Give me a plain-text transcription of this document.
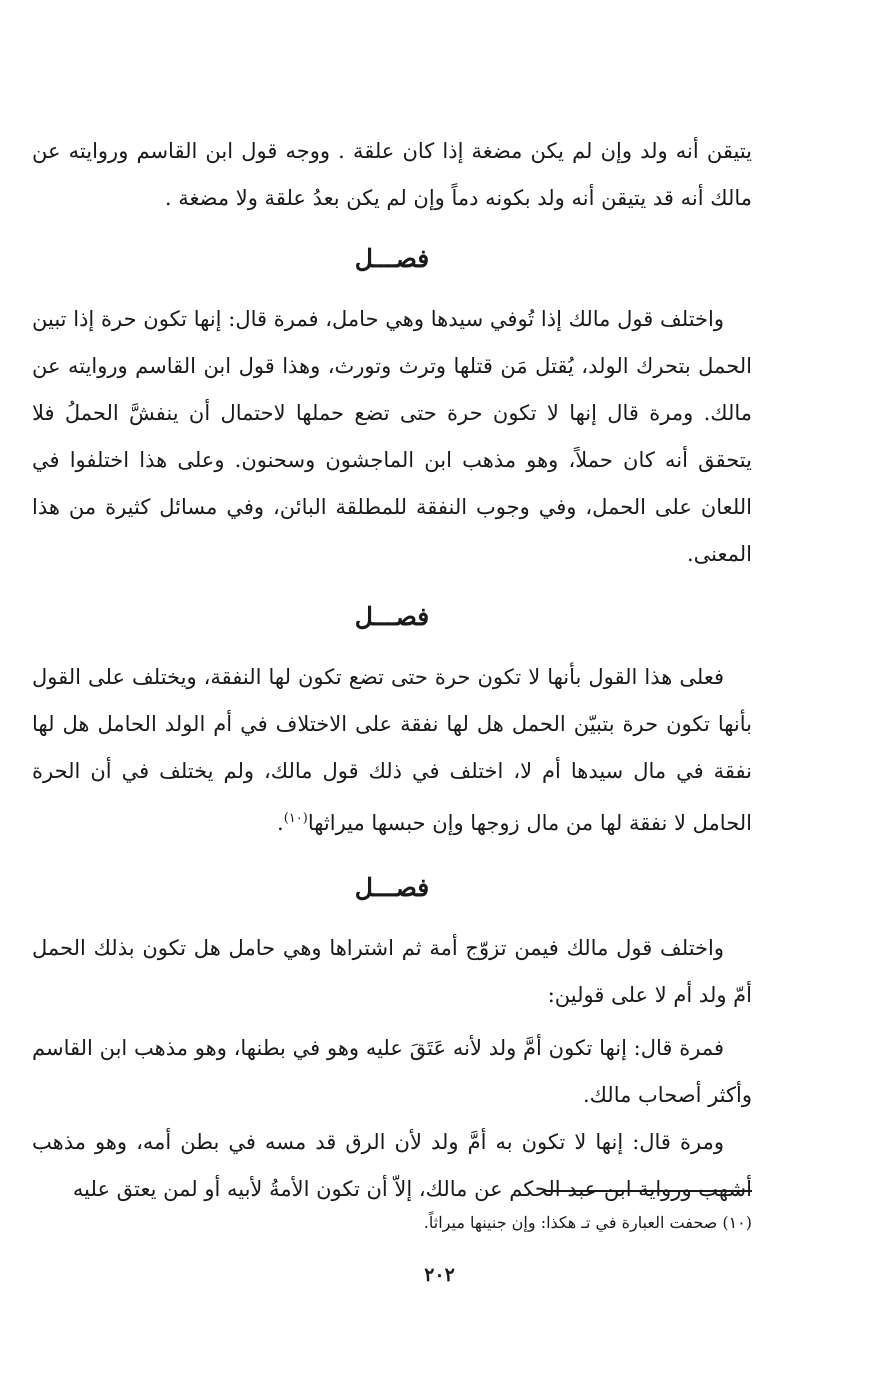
يتيقن أنه ولد وإن لم يكن مضغة إذا كان علقة . ووجه قول ابن القاسم وروايته عن مالك أنه قد يتيقن أنه ولد بكونه دماً وإن لم يكن بعدُ علقة ولا مضغة .

فصـــل

واختلف قول مالك إذا تُوفي سيدها وهي حامل، فمرة قال: إنها تكون حرة إذا تبين الحمل بتحرك الولد، يُقتل مَن قتلها وترث وتورث، وهذا قول ابن القاسم وروايته عن مالك. ومرة قال إنها لا تكون حرة حتى تضع حملها لاحتمال أن ينفشَّ الحملُ فلا يتحقق أنه كان حملاً، وهو مذهب ابن الماجشون وسحنون. وعلى هذا اختلفوا في اللعان على الحمل، وفي وجوب النفقة للمطلقة البائن، وفي مسائل كثيرة من هذا المعنى.

فصـــل

فعلى هذا القول بأنها لا تكون حرة حتى تضع تكون لها النفقة، ويختلف على القول بأنها تكون حرة بتبيّن الحمل هل لها نفقة على الاختلاف في أم الولد الحامل هل لها نفقة في مال سيدها أم لا، اختلف في ذلك قول مالك، ولم يختلف في أن الحرة الحامل لا نفقة لها من مال زوجها وإن حبسها ميراثها$^{(١٠)}$.

فصـــل

واختلف قول مالك فيمن تزوّج أمة ثم اشتراها وهي حامل هل تكون بذلك الحمل أمّ ولد أم لا على قولين:

فمرة قال: إنها تكون أمَّ ولد لأنه عَتَقَ عليه وهو في بطنها، وهو مذهب ابن القاسم وأكثر أصحاب مالك.

ومرة قال: إنها لا تكون به أمَّ ولد لأن الرق قد مسه في بطن أمه، وهو مذهب أشهب ورواية ابن عبد الحكم عن مالك، إلاّ أن تكون الأمةُ لأبيه أو لمن يعتق عليه

(١٠) صحفت العبارة في تـ هكذا: وإن جنينها ميراثاً.

٢٠٢
